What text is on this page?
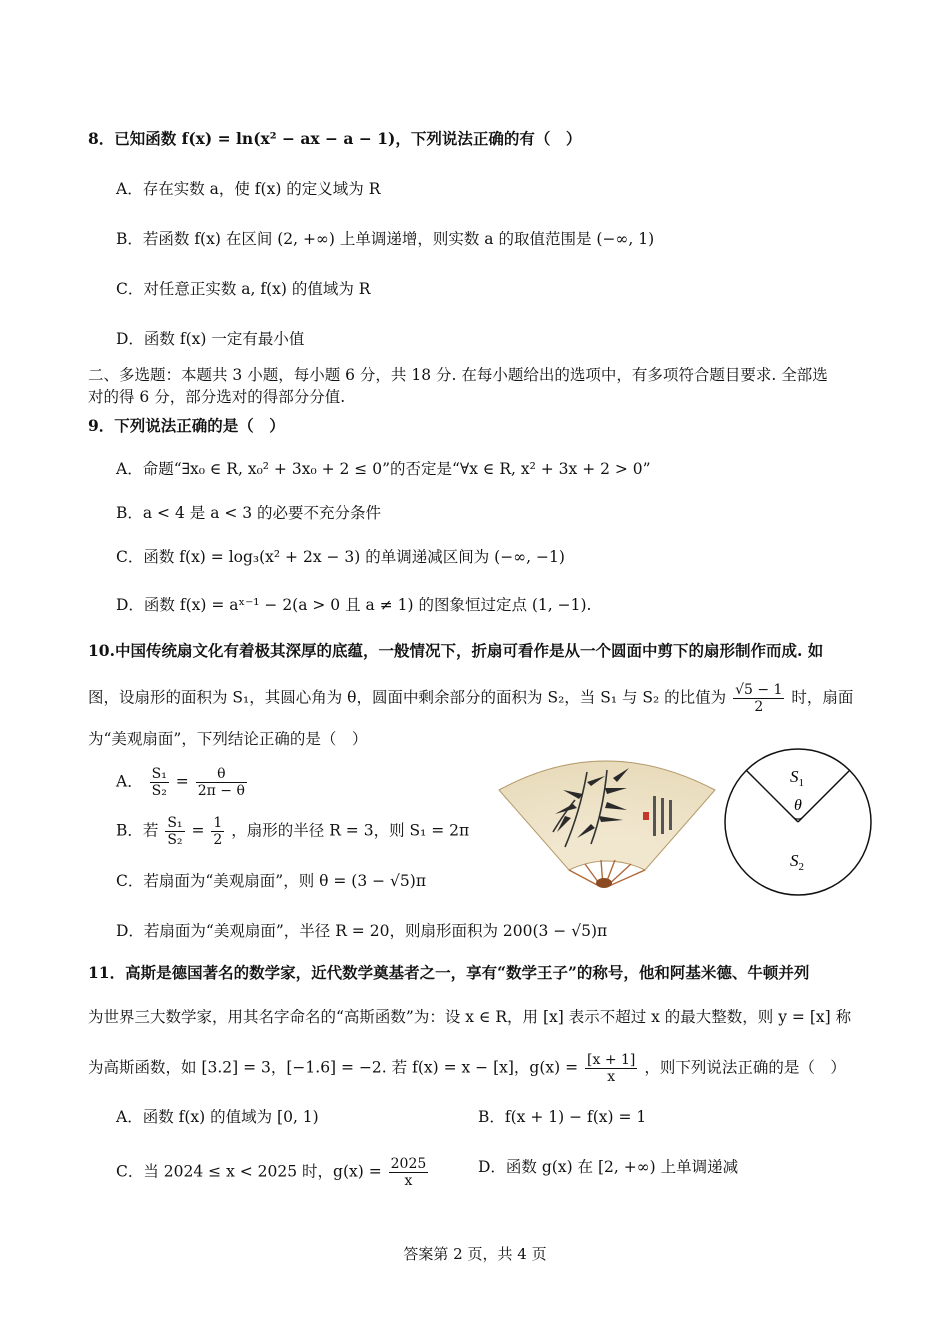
8．已知函数 f(x) = ln(x² − ax − a − 1)，下列说法正确的有（　）
A．存在实数 a，使 f(x) 的定义域为 R
B．若函数 f(x) 在区间 (2, +∞) 上单调递增，则实数 a 的取值范围是 (−∞, 1)
C．对任意正实数 a, f(x) 的值域为 R
D．函数 f(x) 一定有最小值
二、多选题：本题共 3 小题，每小题 6 分，共 18 分. 在每小题给出的选项中，有多项符合题目要求. 全部选
对的得 6 分，部分选对的得部分分值.
9．下列说法正确的是（　）
A．命题“∃x₀ ∈ R, x₀² + 3x₀ + 2 ≤ 0”的否定是“∀x ∈ R, x² + 3x + 2 > 0”
B．a < 4 是 a < 3 的必要不充分条件
C．函数 f(x) = log₃(x² + 2x − 3) 的单调递减区间为 (−∞, −1)
D．函数 f(x) = aˣ⁻¹ − 2(a > 0 且 a ≠ 1) 的图象恒过定点 (1, −1).
10.中国传统扇文化有着极其深厚的底蕴，一般情况下，折扇可看作是从一个圆面中剪下的扇形制作而成. 如
图，设扇形的面积为 S₁，其圆心角为 θ，圆面中剩余部分的面积为 S₂，当 S₁ 与 S₂ 的比值为 $\frac{√5 - 1}{2}$ 时，扇面
为“美观扇面”，下列结论正确的是（　）
A． $\frac{\text{S₁}}{\text{S₂}} = \frac{\theta}{2\pi - \theta}$
B．若 $\frac{\text{S₁}}{\text{S₂}} = \frac{1}{2}$ ，扇形的半径 R = 3，则 S₁ = 2π
C．若扇面为“美观扇面”，则 θ = (3 − √5)π
D．若扇面为“美观扇面”，半径 R = 20，则扇形面积为 200(3 − √5)π
$S_1$
θ
$S_2$
11．高斯是德国著名的数学家，近代数学奠基者之一，享有“数学王子”的称号，他和阿基米德、牛顿并列
为世界三大数学家，用其名字命名的“高斯函数”为：设 x ∈ R，用 [x] 表示不超过 x 的最大整数，则 y = [x] 称
为高斯函数，如 [3.2] = 3，[−1.6] = −2. 若 f(x) = x − [x]，$g(x) = \frac{[x + 1]}{x}$ ，则下列说法正确的是（　）
A．函数 f(x) 的值域为 [0, 1)	B．f(x + 1) − f(x) = 1
C．当 2024 ≤ x < 2025 时，$g(x) = \frac{2025}{x}$	D．函数 g(x) 在 [2, +∞) 上单调递减
答案第 2 页，共 4 页
